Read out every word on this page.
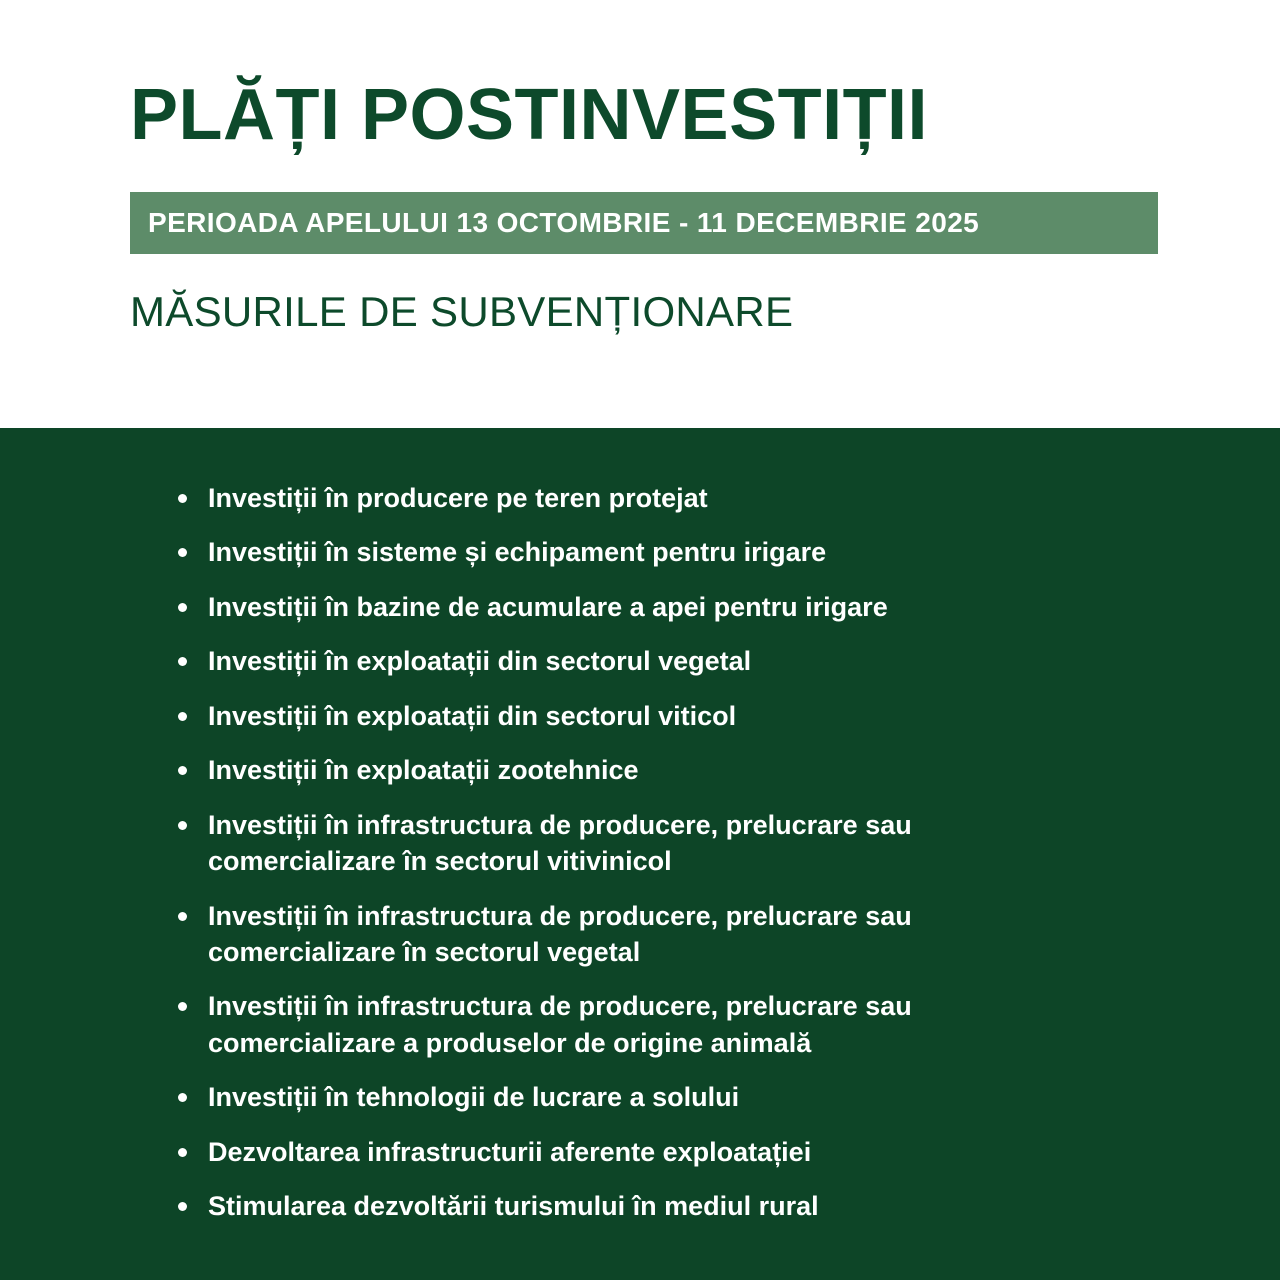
PLĂȚI POSTINVESTIȚII
PERIOADA APELULUI 13 OCTOMBRIE - 11 DECEMBRIE 2025
MĂSURILE DE SUBVENȚIONARE
Investiții în producere pe teren protejat
Investiții în sisteme și echipament pentru irigare
Investiții în bazine de acumulare a apei pentru irigare
Investiții în exploatații din sectorul vegetal
Investiții în exploatații din sectorul viticol
Investiții în exploatații zootehnice
Investiții în infrastructura de producere, prelucrare sau comercializare în sectorul vitivinicol
Investiții în infrastructura de producere, prelucrare sau comercializare în sectorul vegetal
Investiții în infrastructura de producere, prelucrare sau comercializare a produselor de origine animală
Investiții în tehnologii de lucrare a solului
Dezvoltarea infrastructurii aferente exploatației
Stimularea dezvoltării turismului în mediul rural
